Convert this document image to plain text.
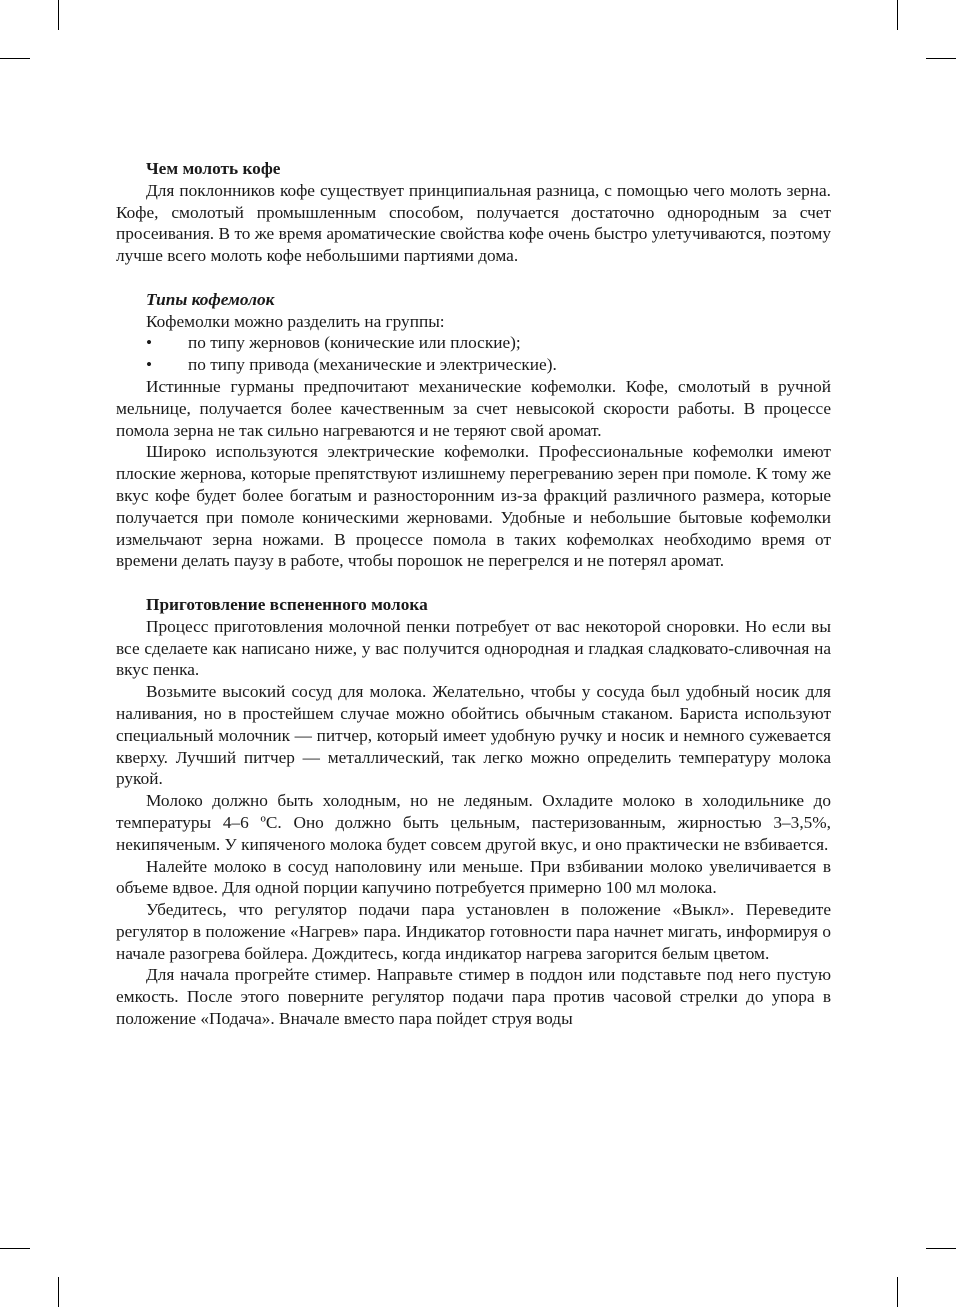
Чем молоть кофе

Для поклонников кофе существует принципиальная разница, с помощью чего молоть зерна. Кофе, смолотый промышленным способом, получается достаточно однородным за счет просеивания. В то же время ароматические свойства кофе очень быстро улетучиваются, поэтому лучше всего молоть кофе небольшими партиями дома.

Типы кофемолок

Кофемолки можно разделить на группы:

•	по типу жерновов (конические или плоские);
•	по типу привода (механические и электрические).

Истинные гурманы предпочитают механические кофемолки. Кофе, смолотый в ручной мельнице, получается более качественным за счет невысокой скорости работы. В процессе помола зерна не так сильно нагреваются и не теряют свой аромат.

Широко используются электрические кофемолки. Профессиональные кофемолки имеют плоские жернова, которые препятствуют излишнему перегреванию зерен при помоле. К тому же вкус кофе будет более богатым и разносторонним из-за фракций различного размера, которые получается при помоле коническими жерновами. Удобные и небольшие бытовые кофемолки измельчают зерна ножами. В процессе помола в таких кофемолках необходимо время от времени делать паузу в работе, чтобы порошок не перегрелся и не потерял аромат.

Приготовление вспененного молока

Процесс приготовления молочной пенки потребует от вас некоторой сноровки. Но если вы все сделаете как написано ниже, у вас получится однородная и гладкая сладковато-сливочная на вкус пенка.

Возьмите высокий сосуд для молока. Желательно, чтобы у сосуда был удобный носик для наливания, но в простейшем случае можно обойтись обычным стаканом. Бариста используют специальный молочник — питчер, который имеет удобную ручку и носик и немного сужевается кверху. Лучший питчер — металлический, так легко можно определить температуру молока рукой.

Молоко должно быть холодным, но не ледяным. Охладите молоко в холодильнике до температуры 4–6 ºС. Оно должно быть цельным, пастеризованным, жирностью 3–3,5%, некипяченым. У кипяченого молока будет совсем другой вкус, и оно практически не взбивается.

Налейте молоко в сосуд наполовину или меньше. При взбивании молоко увеличивается в объеме вдвое. Для одной порции капучино потребуется примерно 100 мл молока.

Убедитесь, что регулятор подачи пара установлен в положение «Выкл». Переведите регулятор в положение «Нагрев» пара. Индикатор готовности пара начнет мигать, информируя о начале разогрева бойлера. Дождитесь, когда индикатор нагрева загорится белым цветом.

Для начала прогрейте стимер. Направьте стимер в поддон или подставьте под него пустую емкость. После этого поверните регулятор подачи пара против часовой стрелки до упора в положение «Подача». Вначале вместо пара пойдет струя воды
